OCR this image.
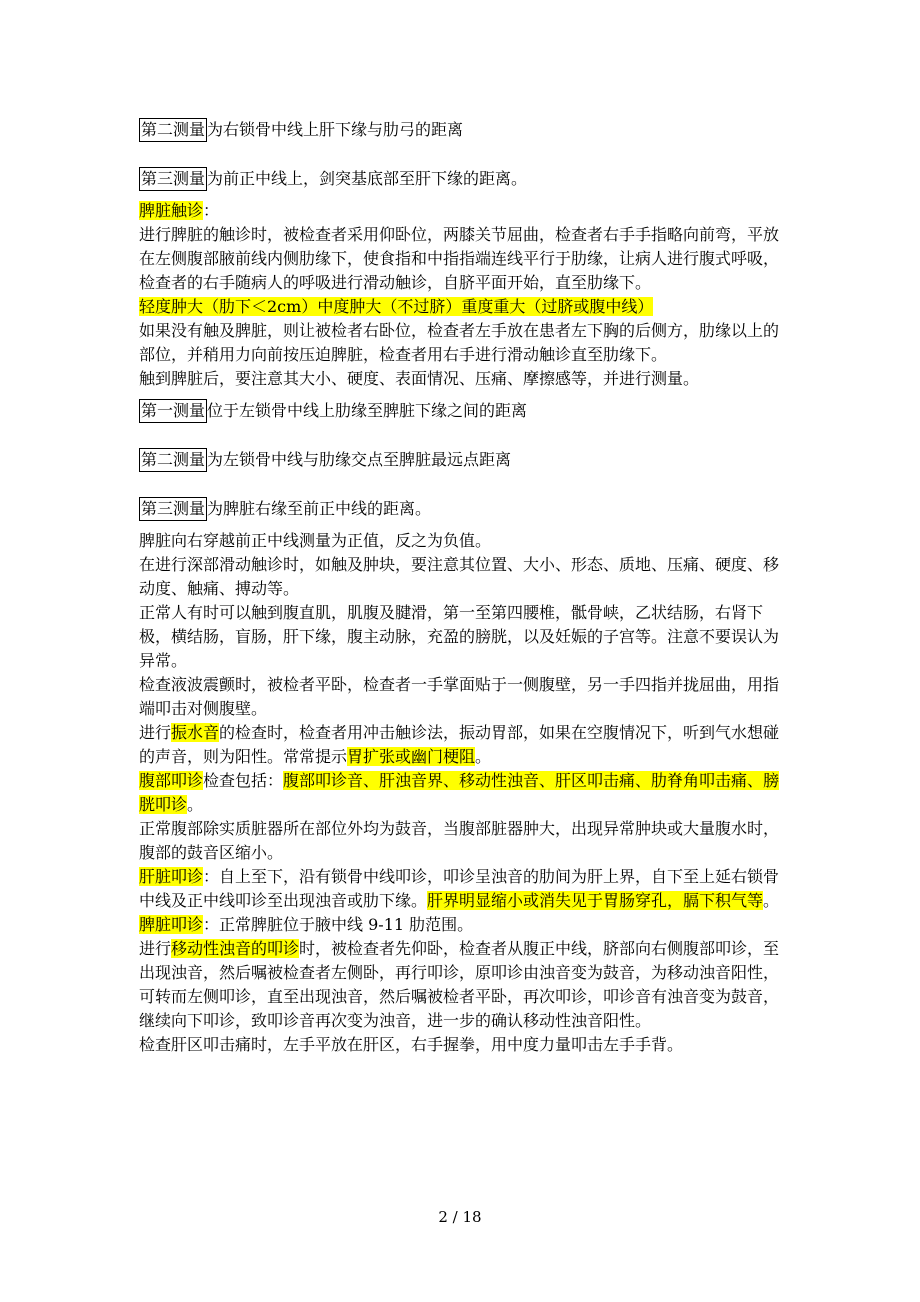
第二测量 为右锁骨中线上肝下缘与肋弓的距离

第三测量 为前正中线上，剑突基底部至肝下缘的距离。

脾脏触诊：

进行脾脏的触诊时，被检查者采用仰卧位，两膝关节屈曲，检查者右手手指略向前弯，平放在左侧腹部腋前线内侧肋缘下，使食指和中指指端连线平行于肋缘，让病人进行腹式呼吸，检查者的右手随病人的呼吸进行滑动触诊，自脐平面开始，直至肋缘下。

轻度肿大（肋下＜2cm）中度肿大（不过脐）重度重大（过脐或腹中线）

如果没有触及脾脏，则让被检者右卧位，检查者左手放在患者左下胸的后侧方，肋缘以上的部位，并稍用力向前按压迫脾脏，检查者用右手进行滑动触诊直至肋缘下。

触到脾脏后，要注意其大小、硬度、表面情况、压痛、摩擦感等，并进行测量。

第一测量 位于左锁骨中线上肋缘至脾脏下缘之间的距离

第二测量 为左锁骨中线与肋缘交点至脾脏最远点距离

第三测量 为脾脏右缘至前正中线的距离。

脾脏向右穿越前正中线测量为正值，反之为负值。

在进行深部滑动触诊时，如触及肿块，要注意其位置、大小、形态、质地、压痛、硬度、移动度、触痛、搏动等。

正常人有时可以触到腹直肌，肌腹及腱滑，第一至第四腰椎，骶骨峡，乙状结肠，右肾下极，横结肠，盲肠，肝下缘，腹主动脉，充盈的膀胱，以及妊娠的子宫等。注意不要误认为异常。

检查液波震颤时，被检者平卧，检查者一手掌面贴于一侧腹壁，另一手四指并拢屈曲，用指端叩击对侧腹壁。

进行振水音的检查时，检查者用冲击触诊法，振动胃部，如果在空腹情况下，听到气水想碰的声音，则为阳性。常常提示胃扩张或幽门梗阻。

腹部叩诊检查包括：腹部叩诊音、肝浊音界、移动性浊音、肝区叩击痛、肋脊角叩击痛、膀胱叩诊。

正常腹部除实质脏器所在部位外均为鼓音，当腹部脏器肿大，出现异常肿块或大量腹水时，腹部的鼓音区缩小。

肝脏叩诊：自上至下，沿有锁骨中线叩诊，叩诊呈浊音的肋间为肝上界，自下至上延右锁骨中线及正中线叩诊至出现浊音或肋下缘。肝界明显缩小或消失见于胃肠穿孔，膈下积气等。

脾脏叩诊：正常脾脏位于腋中线 9-11 肋范围。

进行移动性浊音的叩诊时，被检查者先仰卧，检查者从腹正中线，脐部向右侧腹部叩诊，至出现浊音，然后嘱被检查者左侧卧，再行叩诊，原叩诊由浊音变为鼓音，为移动浊音阳性，可转而左侧叩诊，直至出现浊音，然后嘱被检者平卧，再次叩诊，叩诊音有浊音变为鼓音，继续向下叩诊，致叩诊音再次变为浊音，进一步的确认移动性浊音阳性。

检查肝区叩击痛时，左手平放在肝区，右手握拳，用中度力量叩击左手手背。

2 / 18
